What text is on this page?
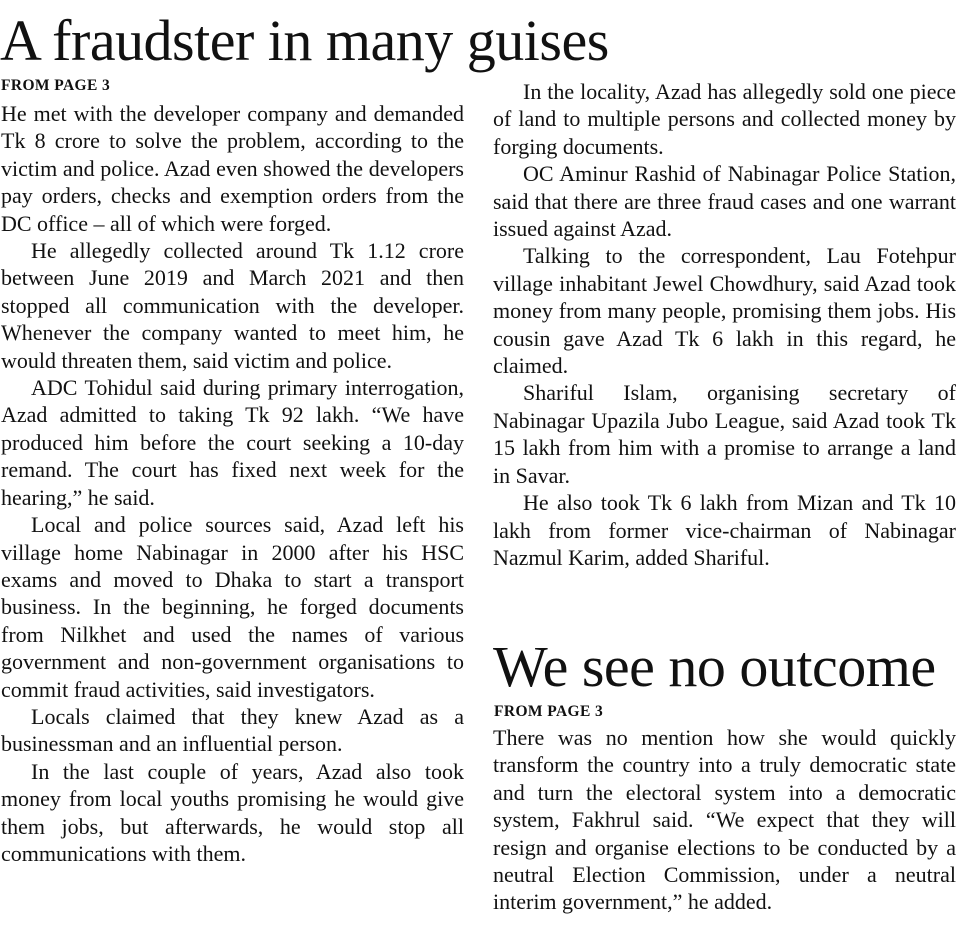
A fraudster in many guises
FROM PAGE 3

He met with the developer company and demanded Tk 8 crore to solve the problem, according to the victim and police. Azad even showed the developers pay orders, checks and exemption orders from the DC office – all of which were forged.

He allegedly collected around Tk 1.12 crore between June 2019 and March 2021 and then stopped all communication with the developer. Whenever the company wanted to meet him, he would threaten them, said victim and police.

ADC Tohidul said during primary interrogation, Azad admitted to taking Tk 92 lakh. “We have produced him before the court seeking a 10-day remand. The court has fixed next week for the hearing,” he said.

Local and police sources said, Azad left his village home Nabinagar in 2000 after his HSC exams and moved to Dhaka to start a transport business. In the beginning, he forged documents from Nilkhet and used the names of various government and non-government organisations to commit fraud activities, said investigators.

Locals claimed that they knew Azad as a businessman and an influential person.

In the last couple of years, Azad also took money from local youths promising he would give them jobs, but afterwards, he would stop all communications with them.

In the locality, Azad has allegedly sold one piece of land to multiple persons and collected money by forging documents.

OC Aminur Rashid of Nabinagar Police Station, said that there are three fraud cases and one warrant issued against Azad.

Talking to the correspondent, Lau Fotehpur village inhabitant Jewel Chowdhury, said Azad took money from many people, promising them jobs. His cousin gave Azad Tk 6 lakh in this regard, he claimed.

Shariful Islam, organising secretary of Nabinagar Upazila Jubo League, said Azad took Tk 15 lakh from him with a promise to arrange a land in Savar.

He also took Tk 6 lakh from Mizan and Tk 10 lakh from former vice-chairman of Nabinagar Nazmul Karim, added Shariful.

We see no outcome
FROM PAGE 3

There was no mention how she would quickly transform the country into a truly democratic state and turn the electoral system into a democratic system, Fakhrul said. “We expect that they will resign and organise elections to be conducted by a neutral Election Commission, under a neutral interim government,” he added.
